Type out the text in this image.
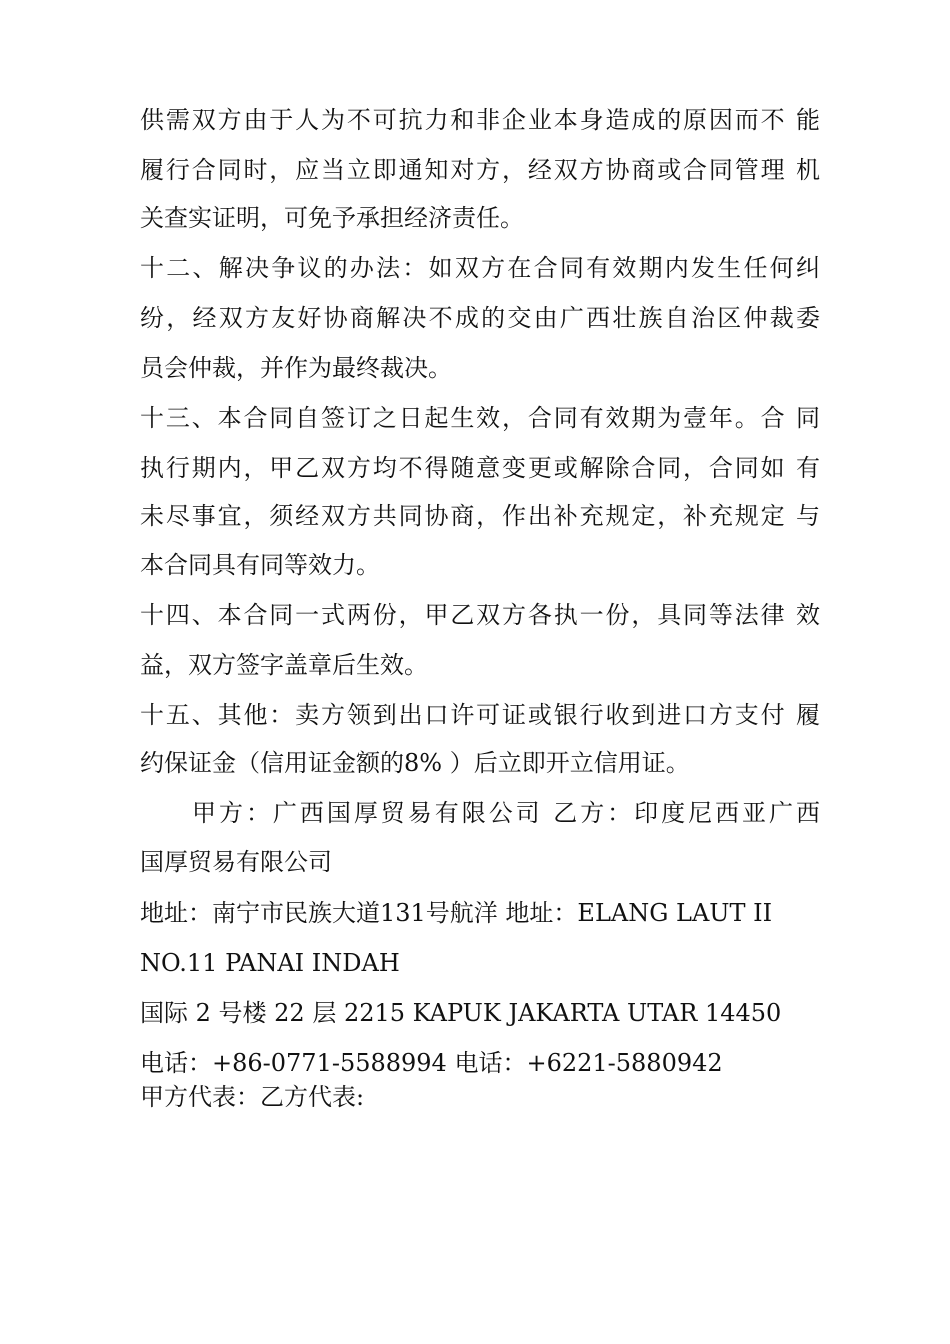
供需双方由于人为不可抗力和非企业本身造成的原因而不 能
履行合同时，应当立即通知对方，经双方协商或合同管理 机
关查实证明，可免予承担经济责任。
十二、解决争议的办法：如双方在合同有效期内发生任何纠
纷，经双方友好协商解决不成的交由广西壮族自治区仲裁委
员会仲裁，并作为最终裁决。
十三、本合同自签订之日起生效，合同有效期为壹年。合 同
执行期内，甲乙双方均不得随意变更或解除合同，合同如 有
未尽事宜，须经双方共同协商，作出补充规定，补充规定 与
本合同具有同等效力。
十四、本合同一式两份，甲乙双方各执一份，具同等法律 效
益，双方签字盖章后生效。
十五、其他：卖方领到出口许可证或银行收到进口方支付 履
约保证金（信用证金额的8% ）后立即开立信用证。
甲方：广西国厚贸易有限公司 乙方：印度尼西亚广西
国厚贸易有限公司
地址：南宁市民族大道131号航洋 地址：ELANG LAUT II
NO.11 PANAI INDAH
国际 2 号楼 22 层 2215 KAPUK JAKARTA UTAR 14450
电话：+86-0771-5588994 电话：+6221-5880942
甲方代表：乙方代表:
